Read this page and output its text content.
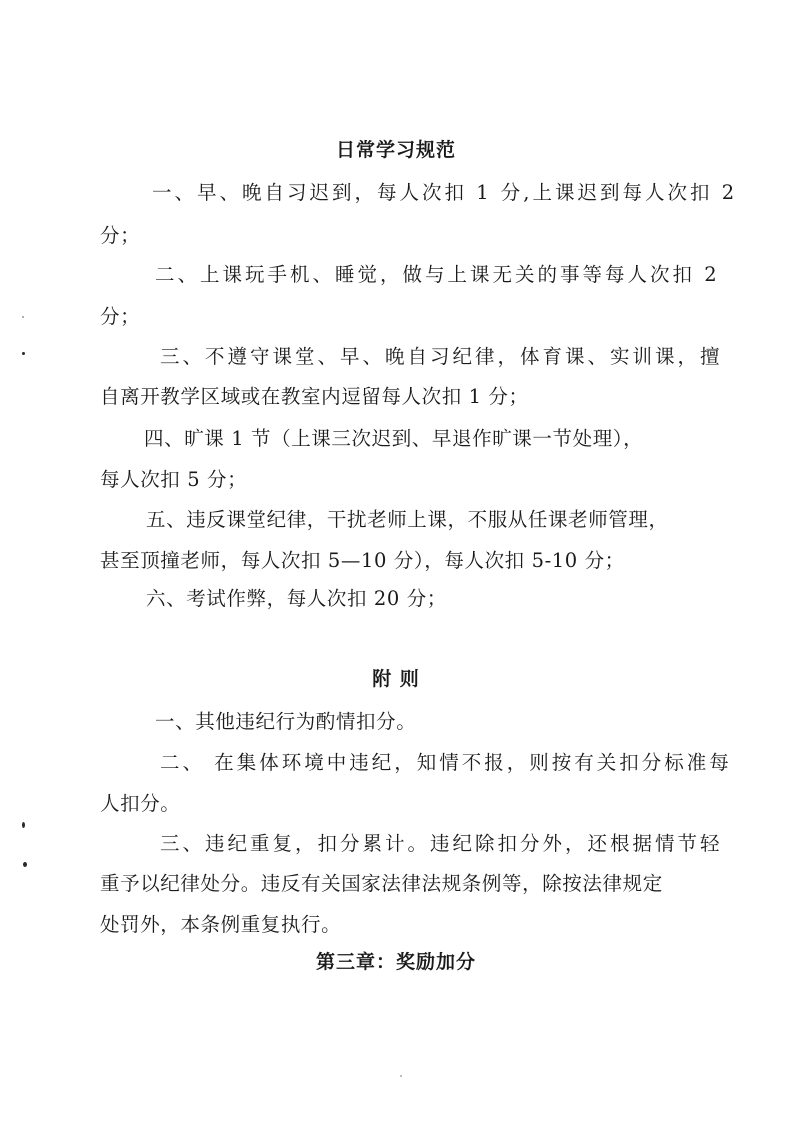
日常学习规范
一、早、晚自习迟到，每人次扣 1 分,上课迟到每人次扣 2
分；
二、上课玩手机、睡觉，做与上课无关的事等每人次扣 2
分；
三、不遵守课堂、早、晚自习纪律，体育课、实训课，擅
自离开教学区域或在教室内逗留每人次扣 1 分；
四、旷课 1 节（上课三次迟到、早退作旷课一节处理），
每人次扣 5 分；
五、违反课堂纪律，干扰老师上课，不服从任课老师管理，
甚至顶撞老师，每人次扣 5—10 分），每人次扣 5-10 分；
六、考试作弊，每人次扣 20 分；
附 则
一、其他违纪行为酌情扣分。
二、 在集体环境中违纪，知情不报，则按有关扣分标准每
人扣分。
三、违纪重复，扣分累计。违纪除扣分外，还根据情节轻
重予以纪律处分。违反有关国家法律法规条例等，除按法律规定
处罚外，本条例重复执行。
第三章：奖励加分
